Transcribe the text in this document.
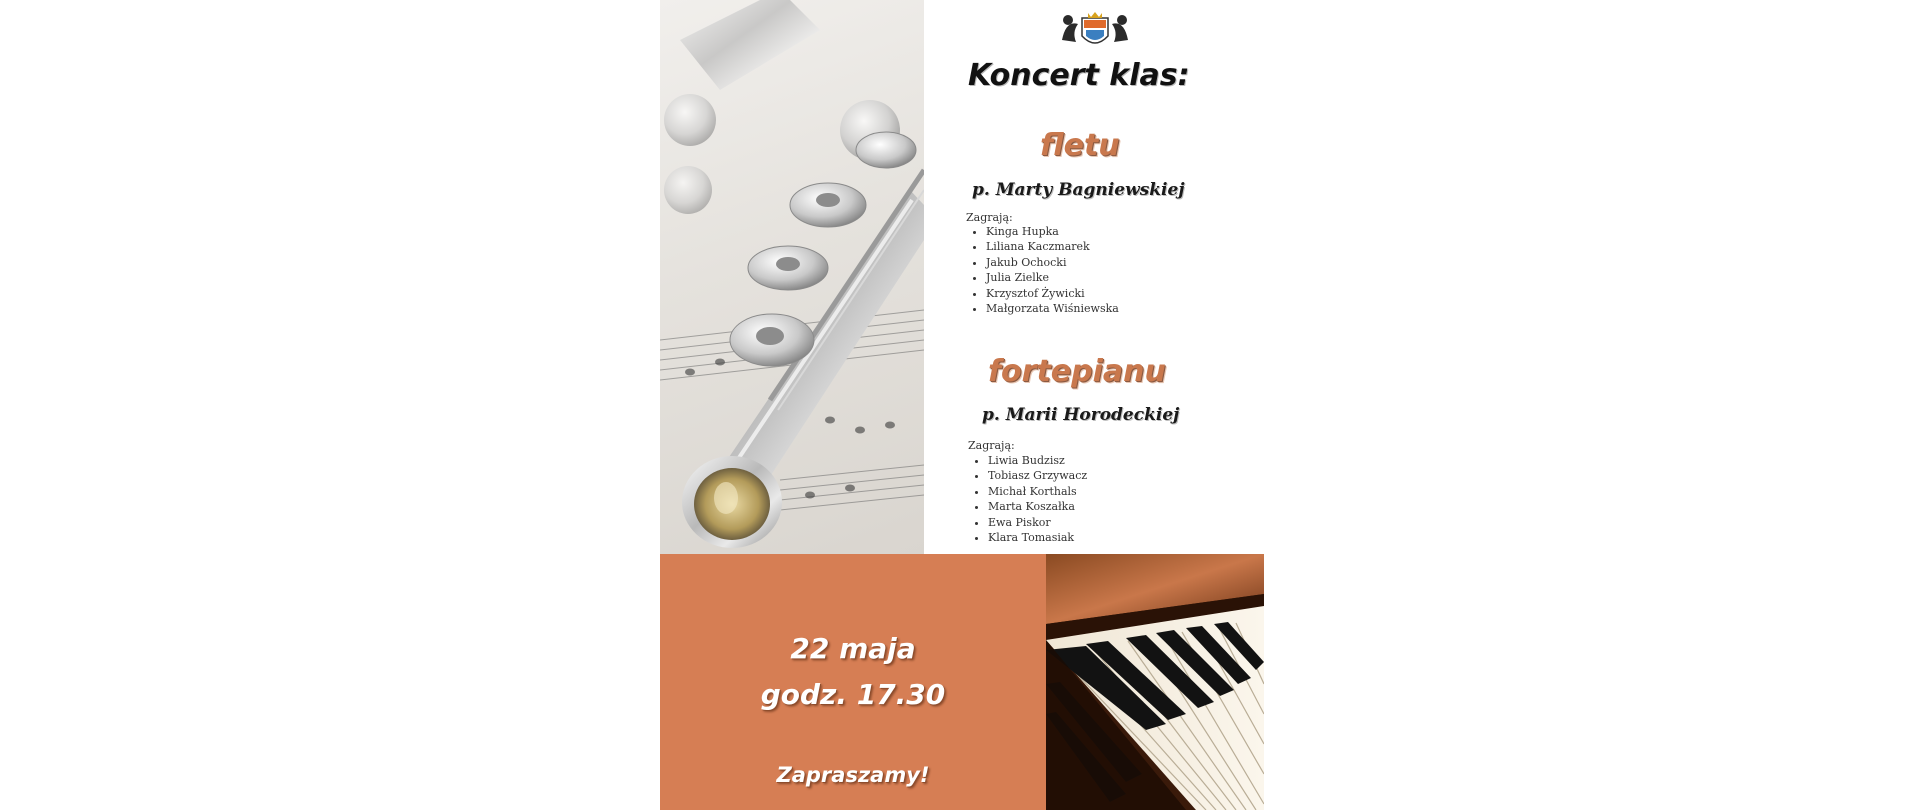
Koncert klas:
fletu
p. Marty Bagniewskiej
Zagrają:
• Kinga Hupka
• Liliana Kaczmarek
• Jakub Ochocki
• Julia Zielke
• Krzysztof Żywicki
• Małgorzata Wiśniewska
fortepianu
p. Marii Horodeckiej
Zagrają:
• Liwia Budzisz
• Tobiasz Grzywacz
• Michał Korthals
• Marta Koszałka
• Ewa Piskor
• Klara Tomasiak
22 maja
godz. 17.30
Zapraszamy!
